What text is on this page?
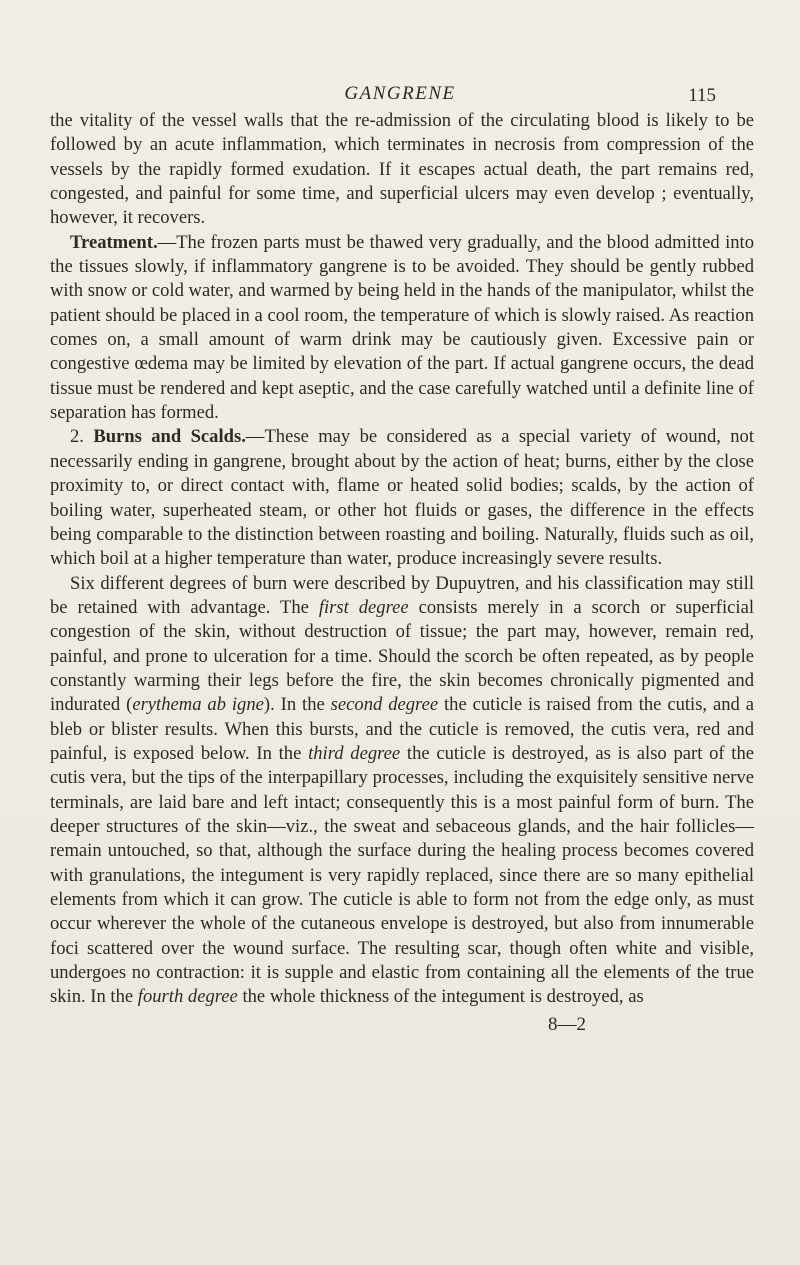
GANGRENE	115

the vitality of the vessel walls that the re-admission of the circulating blood is likely to be followed by an acute inflammation, which terminates in necrosis from compression of the vessels by the rapidly formed exudation. If it escapes actual death, the part remains red, congested, and painful for some time, and superficial ulcers may even develop ; eventually, however, it recovers.

Treatment.—The frozen parts must be thawed very gradually, and the blood admitted into the tissues slowly, if inflammatory gangrene is to be avoided. They should be gently rubbed with snow or cold water, and warmed by being held in the hands of the manipulator, whilst the patient should be placed in a cool room, the temperature of which is slowly raised. As reaction comes on, a small amount of warm drink may be cautiously given. Excessive pain or congestive œdema may be limited by elevation of the part. If actual gangrene occurs, the dead tissue must be rendered and kept aseptic, and the case carefully watched until a definite line of separation has formed.

2. Burns and Scalds.—These may be considered as a special variety of wound, not necessarily ending in gangrene, brought about by the action of heat; burns, either by the close proximity to, or direct contact with, flame or heated solid bodies; scalds, by the action of boiling water, superheated steam, or other hot fluids or gases, the difference in the effects being comparable to the distinction between roasting and boiling. Naturally, fluids such as oil, which boil at a higher temperature than water, produce increasingly severe results.

Six different degrees of burn were described by Dupuytren, and his classification may still be retained with advantage. The first degree consists merely in a scorch or superficial congestion of the skin, without destruction of tissue; the part may, however, remain red, painful, and prone to ulceration for a time. Should the scorch be often repeated, as by people constantly warming their legs before the fire, the skin becomes chronically pigmented and indurated (erythema ab igne). In the second degree the cuticle is raised from the cutis, and a bleb or blister results. When this bursts, and the cuticle is removed, the cutis vera, red and painful, is exposed below. In the third degree the cuticle is destroyed, as is also part of the cutis vera, but the tips of the interpapillary processes, including the exquisitely sensitive nerve terminals, are laid bare and left intact; consequently this is a most painful form of burn. The deeper structures of the skin—viz., the sweat and sebaceous glands, and the hair follicles—remain untouched, so that, although the surface during the healing process becomes covered with granulations, the integument is very rapidly replaced, since there are so many epithelial elements from which it can grow. The cuticle is able to form not from the edge only, as must occur wherever the whole of the cutaneous envelope is destroyed, but also from innumerable foci scattered over the wound surface. The resulting scar, though often white and visible, undergoes no contraction: it is supple and elastic from containing all the elements of the true skin. In the fourth degree the whole thickness of the integument is destroyed, as

8—2
